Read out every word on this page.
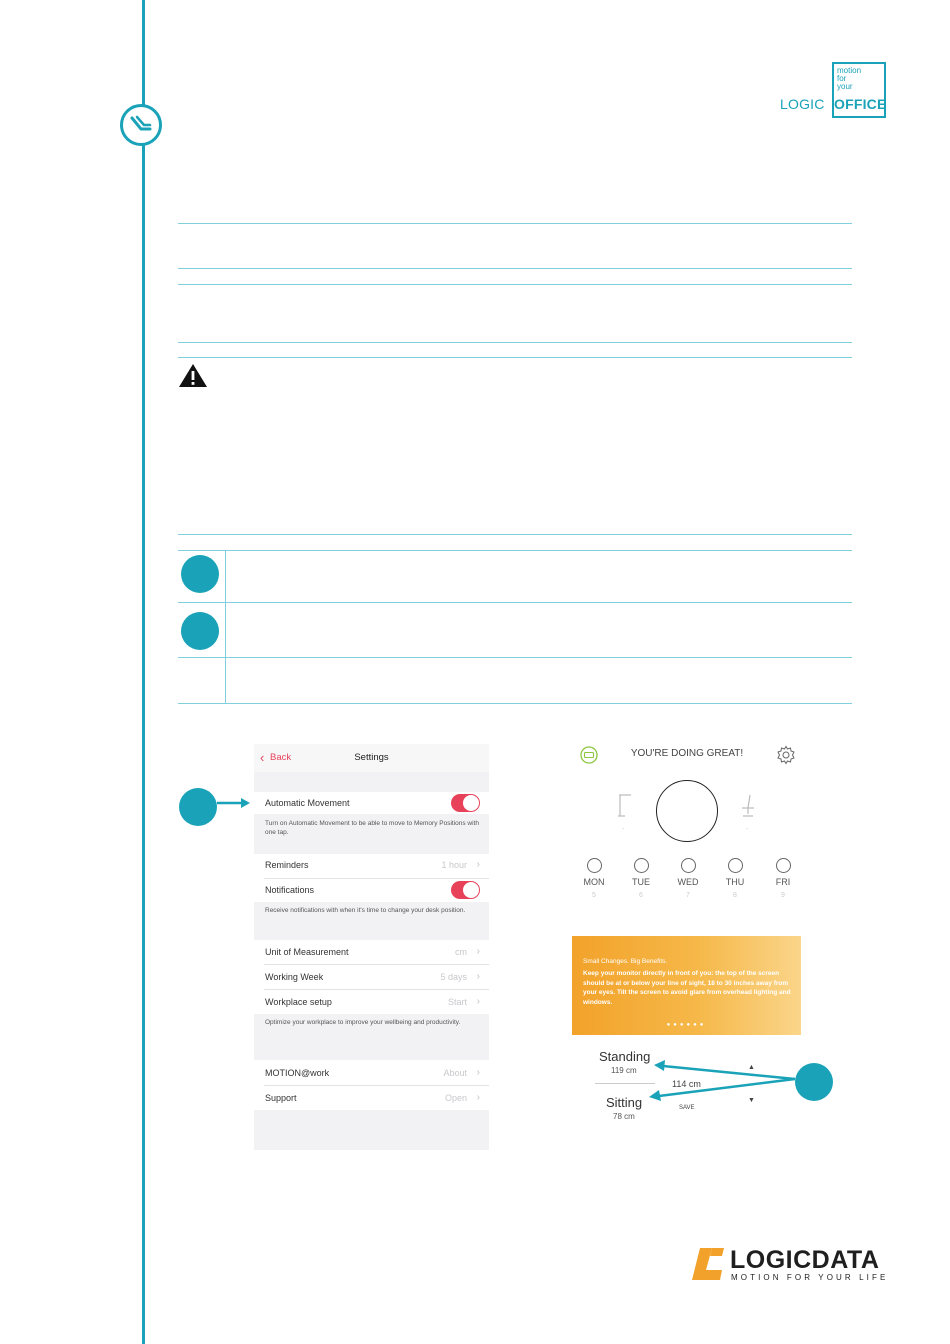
motion
for
your
LOGIC OFFICE
‹ Back	Settings
Automatic Movement
Turn on Automatic Movement to be able to move to Memory Positions with one tap.
Reminders	1 hour ›
Notifications
Receive notifications with when it's time to change your desk position.
Unit of Measurement	cm ›
Working Week	5 days ›
Workplace setup	Start ›
Optimize your workplace to improve your wellbeing and productivity.
MOTION@work	About ›
Support	Open ›
YOU'RE DOING GREAT!
-	-
MON
5
TUE
6
WED
7
THU
8
FRI
9
Small Changes. Big Benefits.
Keep your monitor directly in front of you: the top of the screen should be at or below your line of sight, 18 to 30 inches away from your eyes. Tilt the screen to avoid glare from overhead lighting and windows.
●●●●●●
Standing
119 cm
114 cm
Sitting
78 cm
SAVE
▲
▼
LOGICDATA
MOTION FOR YOUR LIFE
